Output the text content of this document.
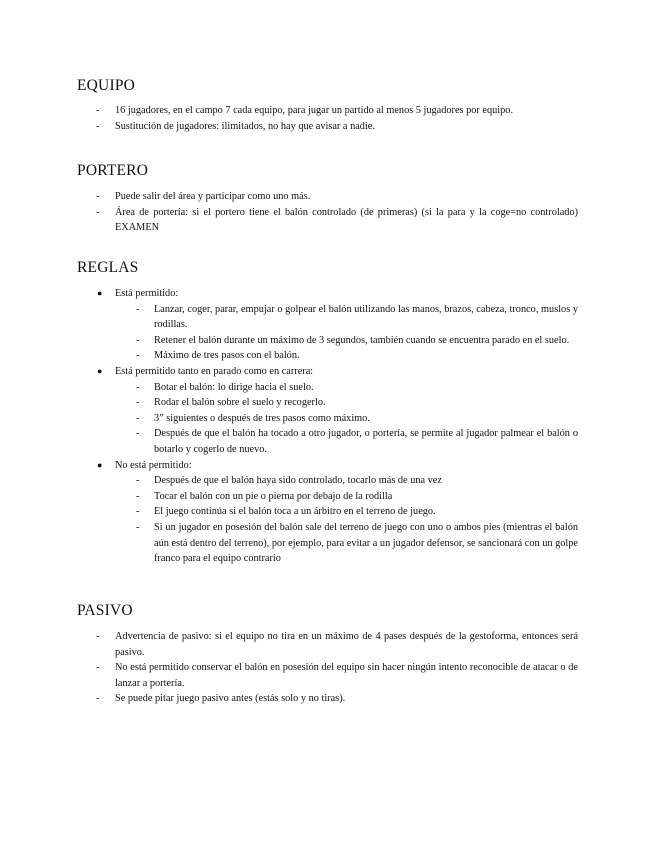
EQUIPO
- 16 jugadores, en el campo 7 cada equipo, para jugar un partido al menos 5 jugadores por equipo.
- Sustitución de jugadores: ilimitados, no hay que avisar a nadie.
PORTERO
- Puede salir del área y participar como uno más.
- Área de portería: si el portero tiene el balón controlado (de primeras) (si la para y la coge=no controlado) EXAMEN
REGLAS
● Está permitido:
- Lanzar, coger, parar, empujar o golpear el balón utilizando las manos, brazos, cabeza, tronco, muslos y rodillas.
- Retener el balón durante un máximo de 3 segundos, también cuando se encuentra parado en el suelo.
- Máximo de tres pasos con el balón.
● Está permitido tanto en parado como en carrera:
- Botar el balón: lo dirige hacia el suelo.
- Rodar el balón sobre el suelo y recogerlo.
- 3” siguientes o después de tres pasos como máximo.
- Después de que el balón ha tocado a otro jugador, o portería, se permite al jugador palmear el balón o botarlo y cogerlo de nuevo.
● No está permitido:
- Después de que el balón haya sido controlado, tocarlo más de una vez
- Tocar el balón con un pie o pierna por debajo de la rodilla
- El juego continúa si el balón toca a un árbitro en el terreno de juego.
- Si un jugador en posesión del balón sale del terreno de juego con uno o ambos pies (mientras el balón aún está dentro del terreno), por ejemplo, para evitar a un jugador defensor, se sancionará con un golpe franco para el equipo contrario
PASIVO
- Advertencia de pasivo: si el equipo no tira en un máximo de 4 pases después de la gestoforma, entonces será pasivo.
- No está permitido conservar el balón en posesión del equipo sin hacer ningún intento reconocible de atacar o de lanzar a portería.
- Se puede pitar juego pasivo antes (estás solo y no tiras).
